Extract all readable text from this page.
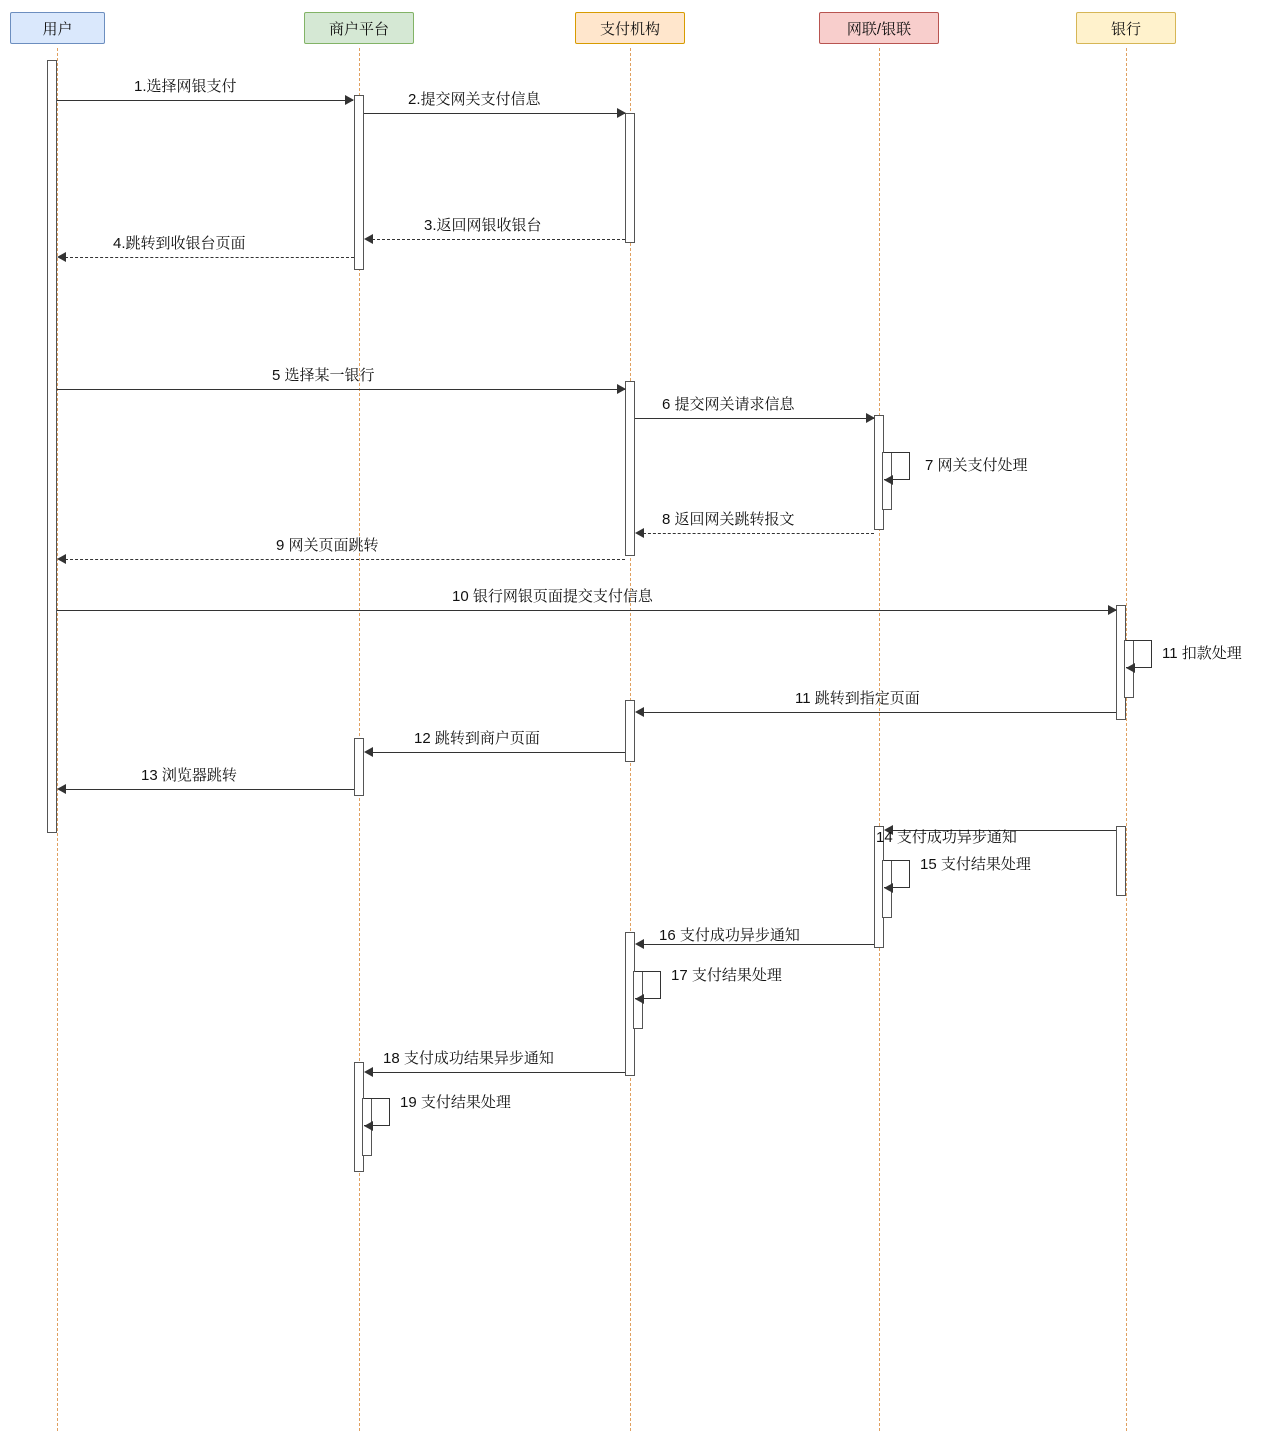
用户	商户平台	支付机构	网联/银联	银行
1.选择网银支付
2.提交网关支付信息
3.返回网银收银台
4.跳转到收银台页面
5 选择某一银行
6 提交网关请求信息
7 网关支付处理
8 返回网关跳转报文
9 网关页面跳转
10 银行网银页面提交支付信息
11 扣款处理
11 跳转到指定页面
12 跳转到商户页面
13 浏览器跳转
14 支付成功异步通知
15 支付结果处理
16 支付成功异步通知
17 支付结果处理
18 支付成功结果异步通知
19 支付结果处理
